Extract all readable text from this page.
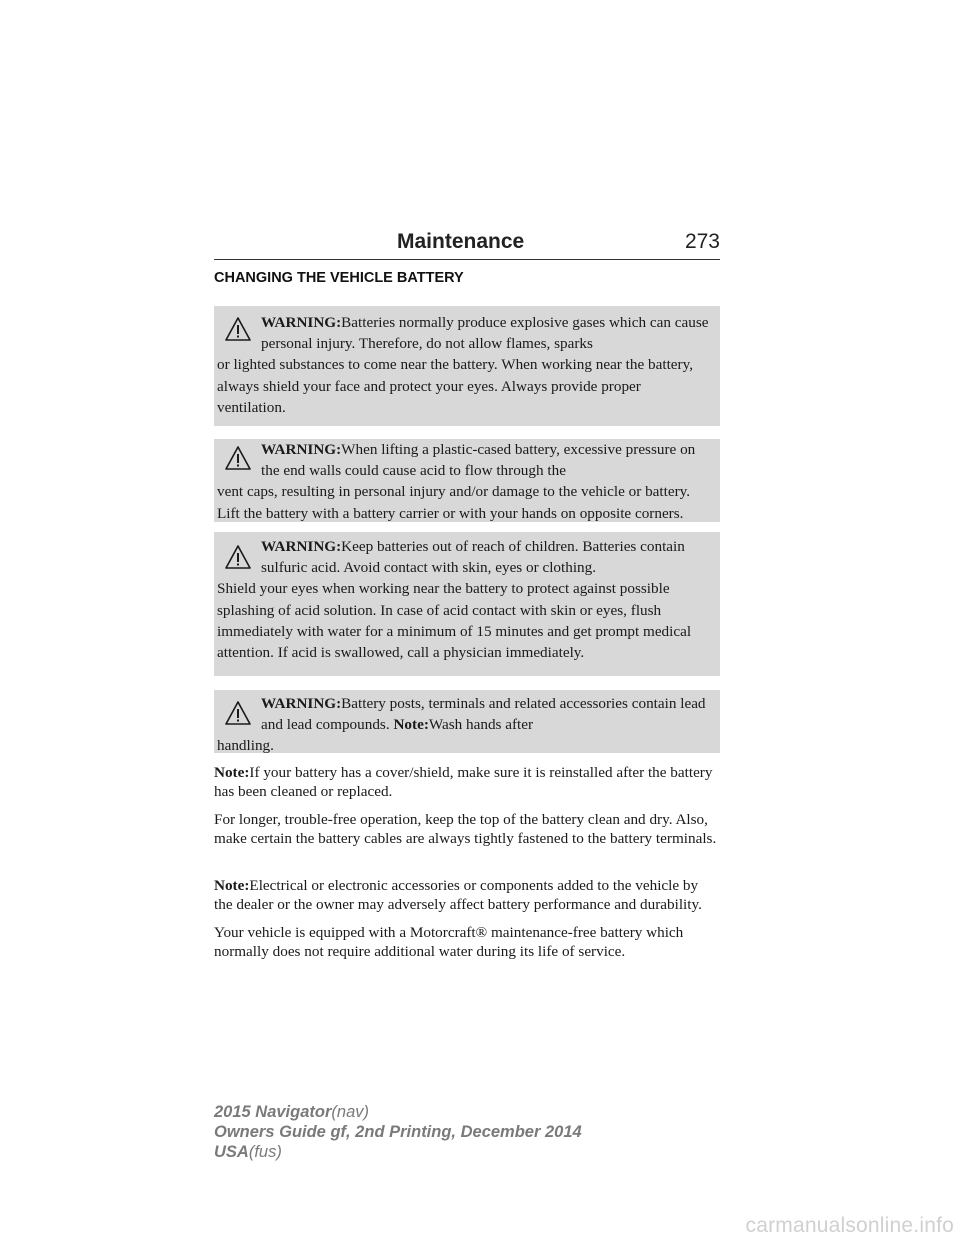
Maintenance	273
CHANGING THE VEHICLE BATTERY
WARNING:Batteries normally produce explosive gases which can cause personal injury. Therefore, do not allow flames, sparks
or lighted substances to come near the battery. When working near the battery, always shield your face and protect your eyes. Always provide proper ventilation.
WARNING:When lifting a plastic-cased battery, excessive pressure on the end walls could cause acid to flow through the
vent caps, resulting in personal injury and/or damage to the vehicle or battery. Lift the battery with a battery carrier or with your hands on opposite corners.
WARNING:Keep batteries out of reach of children. Batteries contain sulfuric acid. Avoid contact with skin, eyes or clothing.
Shield your eyes when working near the battery to protect against possible splashing of acid solution. In case of acid contact with skin or eyes, flush immediately with water for a minimum of 15 minutes and get prompt medical attention. If acid is swallowed, call a physician immediately.
WARNING:Battery posts, terminals and related accessories contain lead and lead compounds. Note:Wash hands after
handling.
Note:If your battery has a cover/shield, make sure it is reinstalled after the battery has been cleaned or replaced.
For longer, trouble-free operation, keep the top of the battery clean and dry. Also, make certain the battery cables are always tightly fastened to the battery terminals.
Note:Electrical or electronic accessories or components added to the vehicle by the dealer or the owner may adversely affect battery performance and durability.
Your vehicle is equipped with a Motorcraft® maintenance-free battery which normally does not require additional water during its life of service.
2015 Navigator(nav)
Owners Guide gf, 2nd Printing, December 2014
USA(fus)
carmanualsonline.info
